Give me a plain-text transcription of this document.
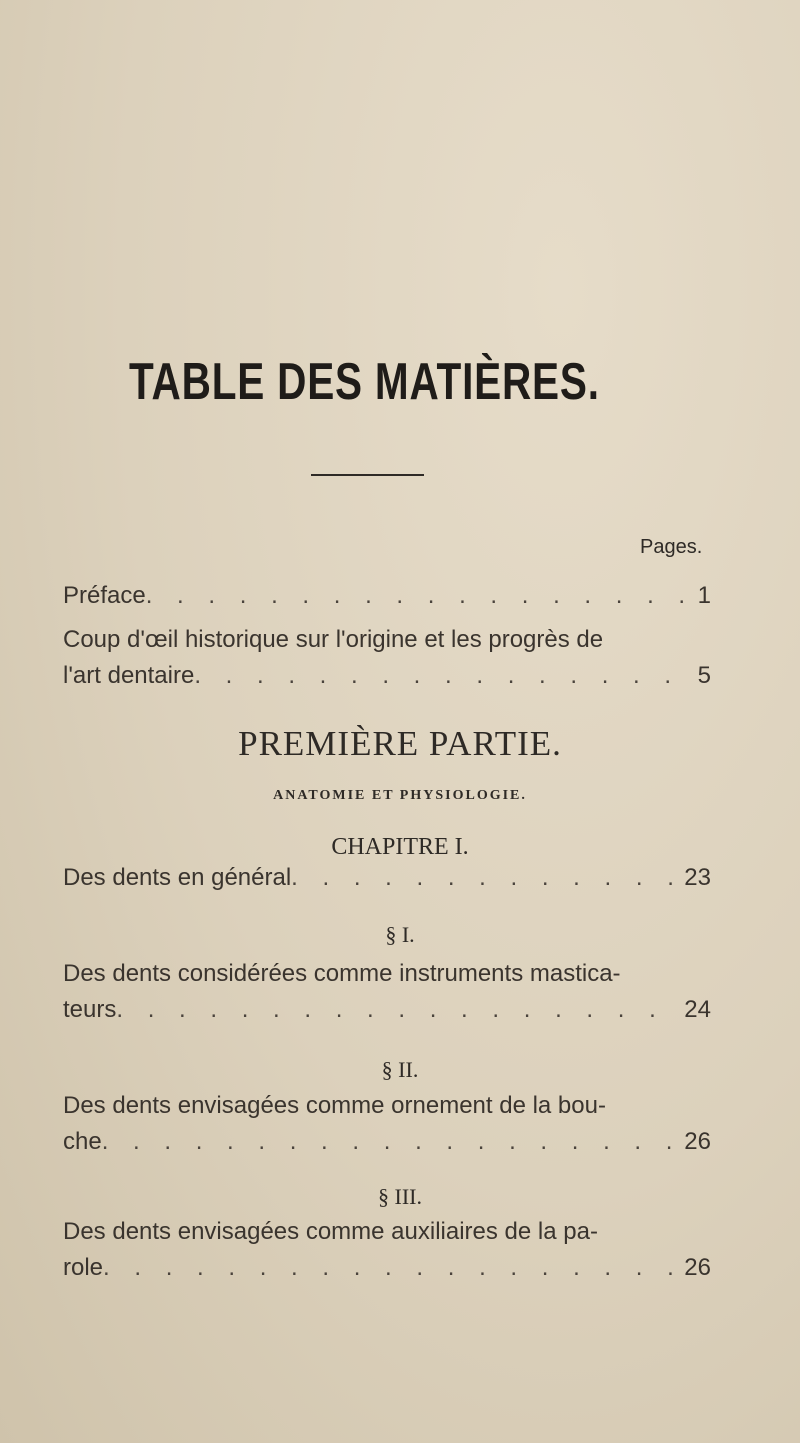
TABLE DES MATIÈRES.
Pages.
Préface . . .	1
Coup d'œil historique sur l'origine et les progrès de
l'art dentaire . . .	5
PREMIÈRE PARTIE.
ANATOMIE ET PHYSIOLOGIE.
CHAPITRE I.
Des dents en général . . .	23
§ I.
Des dents considérées comme instruments mastica-
teurs . . .	24
§ II.
Des dents envisagées comme ornement de la bou-
che . . .	26
§ III.
Des dents envisagées comme auxiliaires de la pa-
role . . .	26
